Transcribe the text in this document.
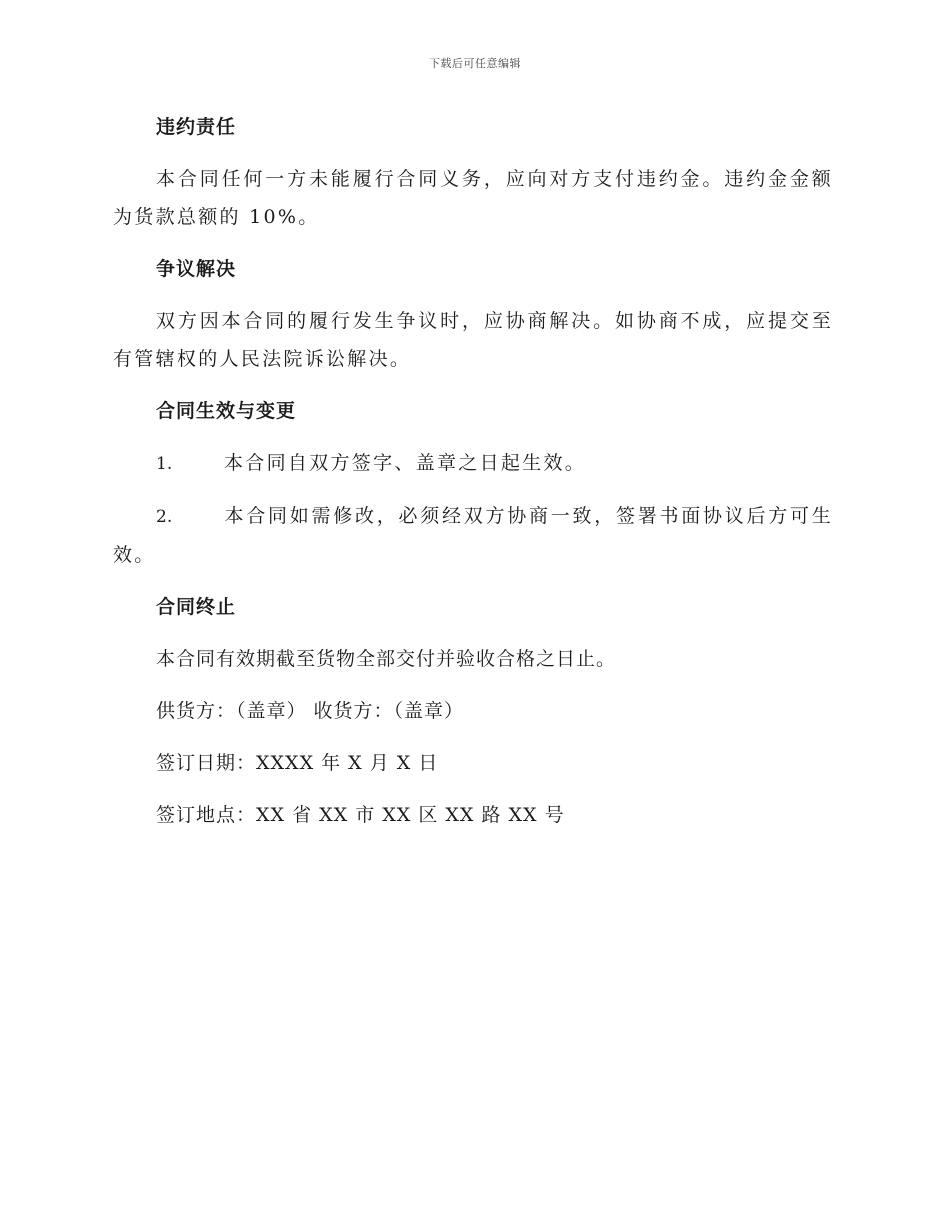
下载后可任意编辑
违约责任

本合同任何一方未能履行合同义务，应向对方支付违约金。违约金金额为货款总额的 10%。

争议解决

双方因本合同的履行发生争议时，应协商解决。如协商不成，应提交至有管辖权的人民法院诉讼解决。

合同生效与变更

1.	本合同自双方签字、盖章之日起生效。

2.	本合同如需修改，必须经双方协商一致，签署书面协议后方可生效。

合同终止

本合同有效期截至货物全部交付并验收合格之日止。

供货方：（盖章） 收货方：（盖章）

签订日期：XXXX 年 X 月 X 日

签订地点：XX 省 XX 市 XX 区 XX 路 XX 号
